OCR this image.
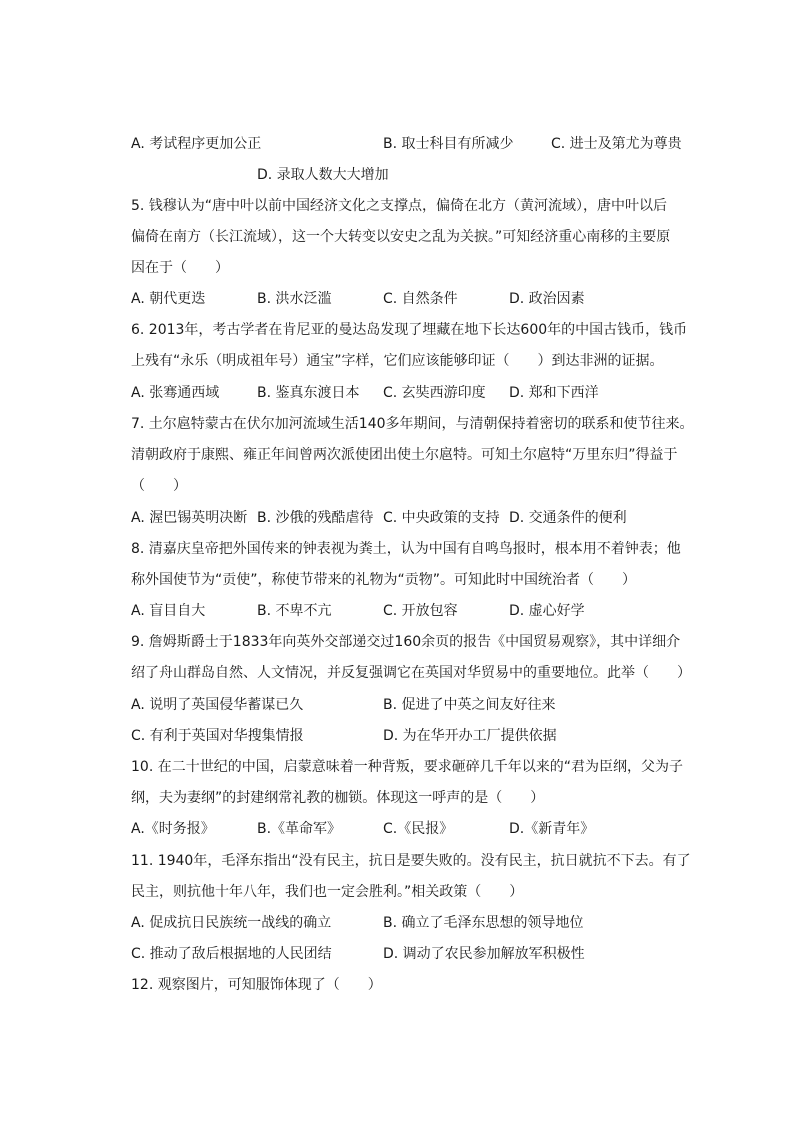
A. 考试程序更加公正	B. 取士科目有所减少	C. 进士及第尤为尊贵
D. 录取人数大大增加
5. 钱穆认为“唐中叶以前中国经济文化之支撑点，偏倚在北方（黄河流域），唐中叶以后
偏倚在南方（长江流域），这一个大转变以安史之乱为关捩。”可知经济重心南移的主要原
因在于（　　）
A. 朝代更迭	B. 洪水泛滥	C. 自然条件	D. 政治因素
6. 2013年，考古学者在肯尼亚的曼达岛发现了埋藏在地下长达600年的中国古钱币，钱币
上残有“永乐（明成祖年号）通宝”字样，它们应该能够印证（　　）到达非洲的证据。
A. 张骞通西域	B. 鉴真东渡日本 C. 玄奘西游印度 D. 郑和下西洋
7. 土尔扈特蒙古在伏尔加河流域生活140多年期间，与清朝保持着密切的联系和使节往来。
清朝政府于康熙、雍正年间曾两次派使团出使土尔扈特。可知土尔扈特“万里东归”得益于
（　　）
A. 渥巴锡英明决断 B. 沙俄的残酷虐待 C. 中央政策的支持 D. 交通条件的便利
8. 清嘉庆皇帝把外国传来的钟表视为粪土，认为中国有自鸣鸟报时，根本用不着钟表；他
称外国使节为“贡使”，称使节带来的礼物为“贡物”。可知此时中国统治者（　　）
A. 盲目自大	B. 不卑不亢	C. 开放包容	D. 虚心好学
9. 詹姆斯爵士于1833年向英外交部递交过160余页的报告《中国贸易观察》，其中详细介
绍了舟山群岛自然、人文情况，并反复强调它在英国对华贸易中的重要地位。此举（　　）
A. 说明了英国侵华蓄谋已久	B. 促进了中英之间友好往来
C. 有利于英国对华搜集情报	D. 为在华开办工厂提供依据
10. 在二十世纪的中国，启蒙意味着一种背叛，要求砸碎几千年以来的“君为臣纲，父为子
纲，夫为妻纲”的封建纲常礼教的枷锁。体现这一呼声的是（　　）
A.《时务报》	B.《革命军》	C.《民报》	D.《新青年》
11. 1940年，毛泽东指出“没有民主，抗日是要失败的。没有民主，抗日就抗不下去。有了
民主，则抗他十年八年，我们也一定会胜利。”相关政策（　　）
A. 促成抗日民族统一战线的确立	B. 确立了毛泽东思想的领导地位
C. 推动了敌后根据地的人民团结	D. 调动了农民参加解放军积极性
12. 观察图片，可知服饰体现了（　　）
